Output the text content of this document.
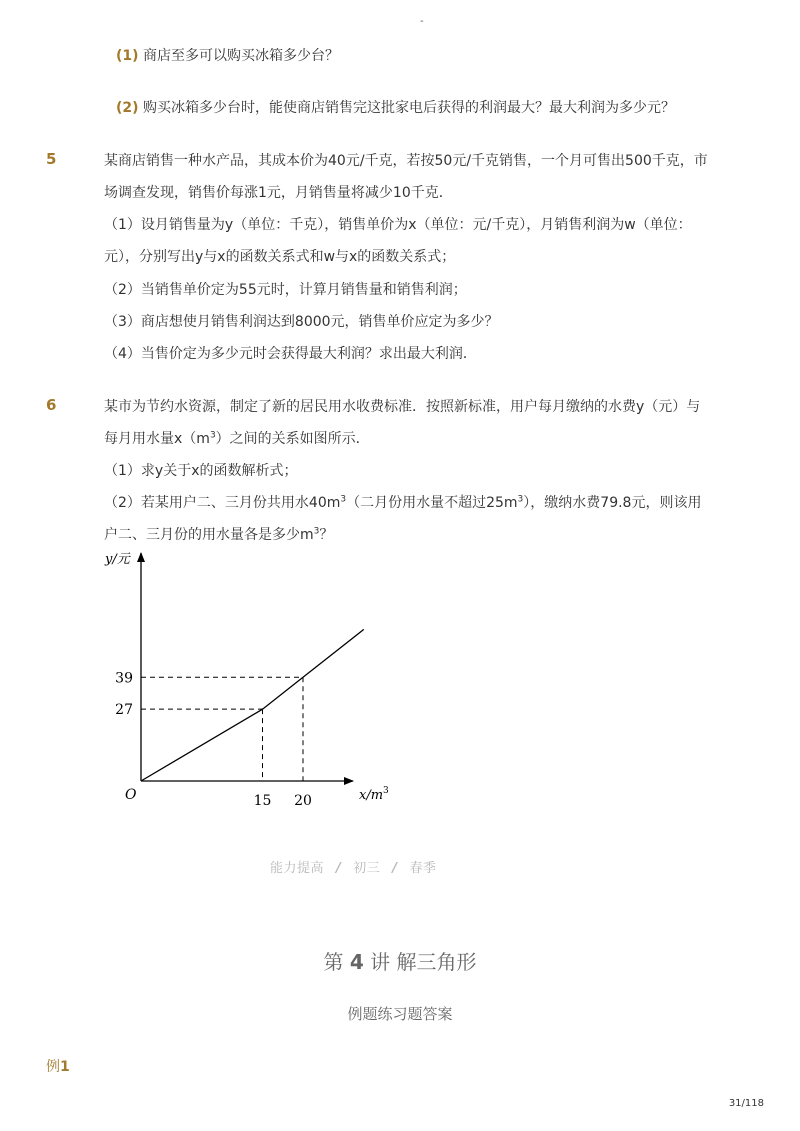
-
(1) 商店至多可以购买冰箱多少台？
(2) 购买冰箱多少台时，能使商店销售完这批家电后获得的利润最大？最大利润为多少元？
5	某商店销售一种水产品，其成本价为40元/千克，若按50元/千克销售，一个月可售出500千克，市
场调查发现，销售价每涨1元，月销售量将减少10千克．
（1）设月销售量为y（单位：千克），销售单价为x（单位：元/千克），月销售利润为w（单位：
元），分别写出y与x的函数关系式和w与x的函数关系式；
（2）当销售单价定为55元时，计算月销售量和销售利润；
（3）商店想使月销售利润达到8000元，销售单价应定为多少？
（4）当售价定为多少元时会获得最大利润？求出最大利润．
6	某市为节约水资源，制定了新的居民用水收费标准．按照新标准，用户每月缴纳的水费y（元）与
每月用水量$x(m^3)$之间的关系如图所示．
（1）求y关于x的函数解析式；
（2）若某用户二、三月份共用水$40m^3$（二月份用水量不超过$25m^3$），缴纳水费79.8元，则该用
户二、三月份的用水量各是多少$m^3$？
15 20
27
39
y/元
$x/m^3$
O
能力提高 / 初三 / 春季
第 4 讲 解三角形
例题练习题答案
例1
31/118
